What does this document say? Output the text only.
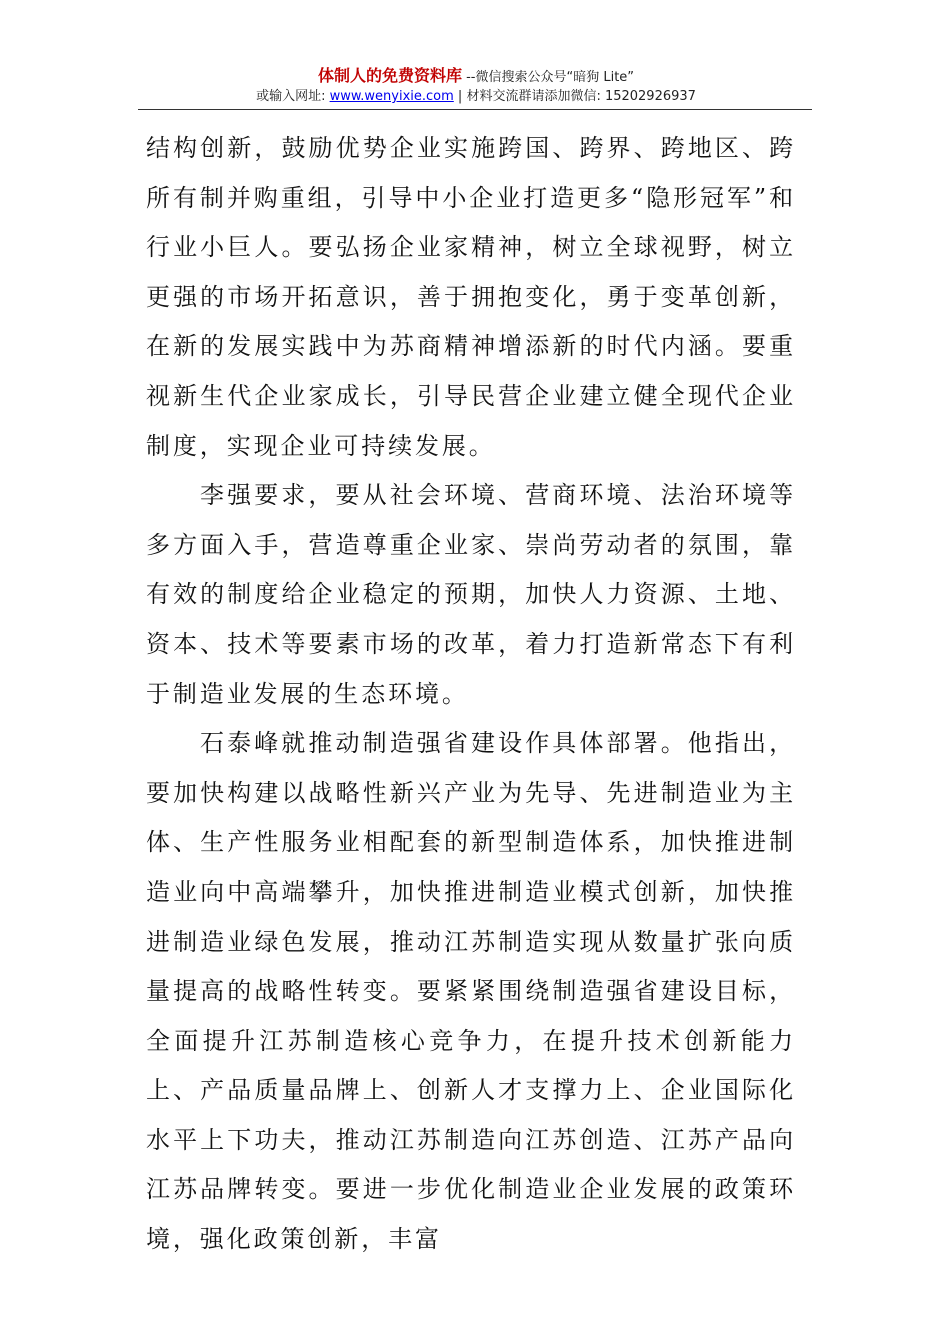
体制人的免费资料库 --微信搜索公众号“暗狗 Lite”
或输入网址: www.wenyixie.com | 材料交流群请添加微信: 15202926937

结构创新，鼓励优势企业实施跨国、跨界、跨地区、跨所有制并购重组，引导中小企业打造更多“隐形冠军”和行业小巨人。要弘扬企业家精神，树立全球视野，树立更强的市场开拓意识，善于拥抱变化，勇于变革创新，在新的发展实践中为苏商精神增添新的时代内涵。要重视新生代企业家成长，引导民营企业建立健全现代企业制度，实现企业可持续发展。

李强要求，要从社会环境、营商环境、法治环境等多方面入手，营造尊重企业家、崇尚劳动者的氛围，靠有效的制度给企业稳定的预期，加快人力资源、土地、资本、技术等要素市场的改革，着力打造新常态下有利于制造业发展的生态环境。

石泰峰就推动制造强省建设作具体部署。他指出，要加快构建以战略性新兴产业为先导、先进制造业为主体、生产性服务业相配套的新型制造体系，加快推进制造业向中高端攀升，加快推进制造业模式创新，加快推进制造业绿色发展，推动江苏制造实现从数量扩张向质量提高的战略性转变。要紧紧围绕制造强省建设目标，全面提升江苏制造核心竞争力，在提升技术创新能力上、产品质量品牌上、创新人才支撑力上、企业国际化水平上下功夫，推动江苏制造向江苏创造、江苏产品向江苏品牌转变。要进一步优化制造业企业发展的政策环境，强化政策创新，丰富
